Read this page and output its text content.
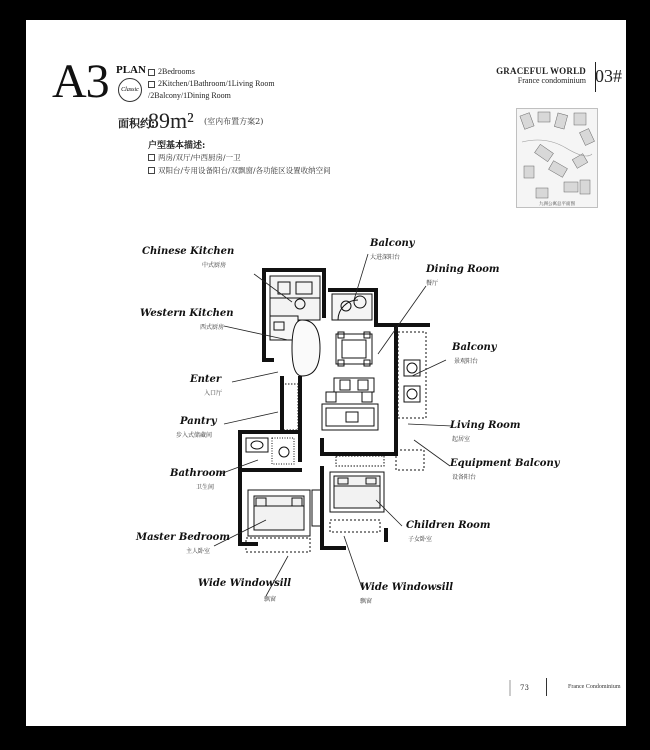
A3 PLAN
Classic
2Bedrooms
2Kitchen/1Bathroom/1Living Room
/2Balcony/1Dining Room
GRACEFUL WORLD
France condominium 03#
面积约:
89m² (室内布置方案2)
户型基本描述:
两房/双厅/中西厨房/一卫
双阳台/专用设备阳台/双飘窗/各功能区设置收纳空间
九洲公寓总平面图
Chinese Kitchen
中式厨房
Western Kitchen
西式厨房
Enter
入口厅
Pantry
步入式储藏间
Bathroom
卫生间
Master Bedroom
主人卧室
Wide Windowsill
飘窗
Balcony
大进深阳台
Dining Room
餐厅
Balcony
景观阳台
Living Room
起居室
Equipment Balcony
设备阳台
Children Room
子女卧室
Wide Windowsill
飘窗
73	France Condominium
